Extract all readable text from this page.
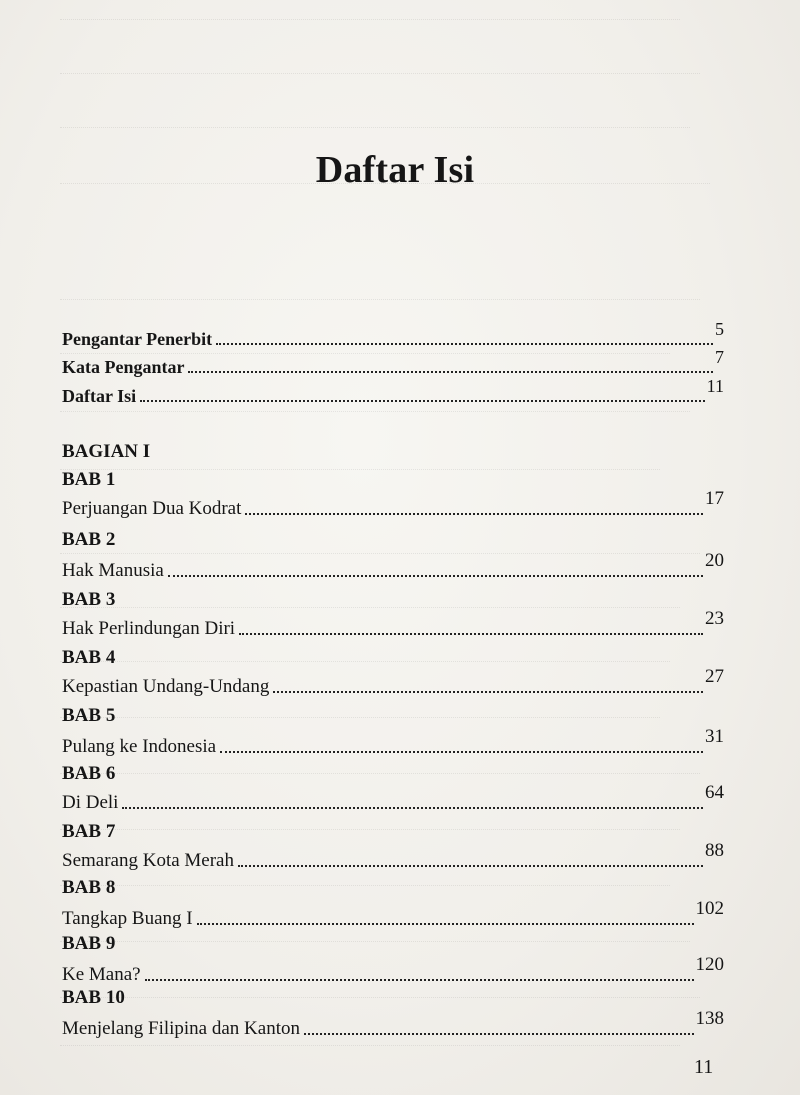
Daftar Isi
Pengantar Penerbit	5
Kata Pengantar	7
Daftar Isi	11
BAGIAN I
BAB 1
Perjuangan Dua Kodrat	17
BAB 2
Hak Manusia	20
BAB 3
Hak Perlindungan Diri	23
BAB 4
Kepastian Undang-Undang	27
BAB 5
Pulang ke Indonesia	31
BAB 6
Di Deli	64
BAB 7
Semarang Kota Merah	88
BAB 8
Tangkap Buang I	102
BAB 9
Ke Mana?	120
BAB 10
Menjelang Filipina dan Kanton	138
11
